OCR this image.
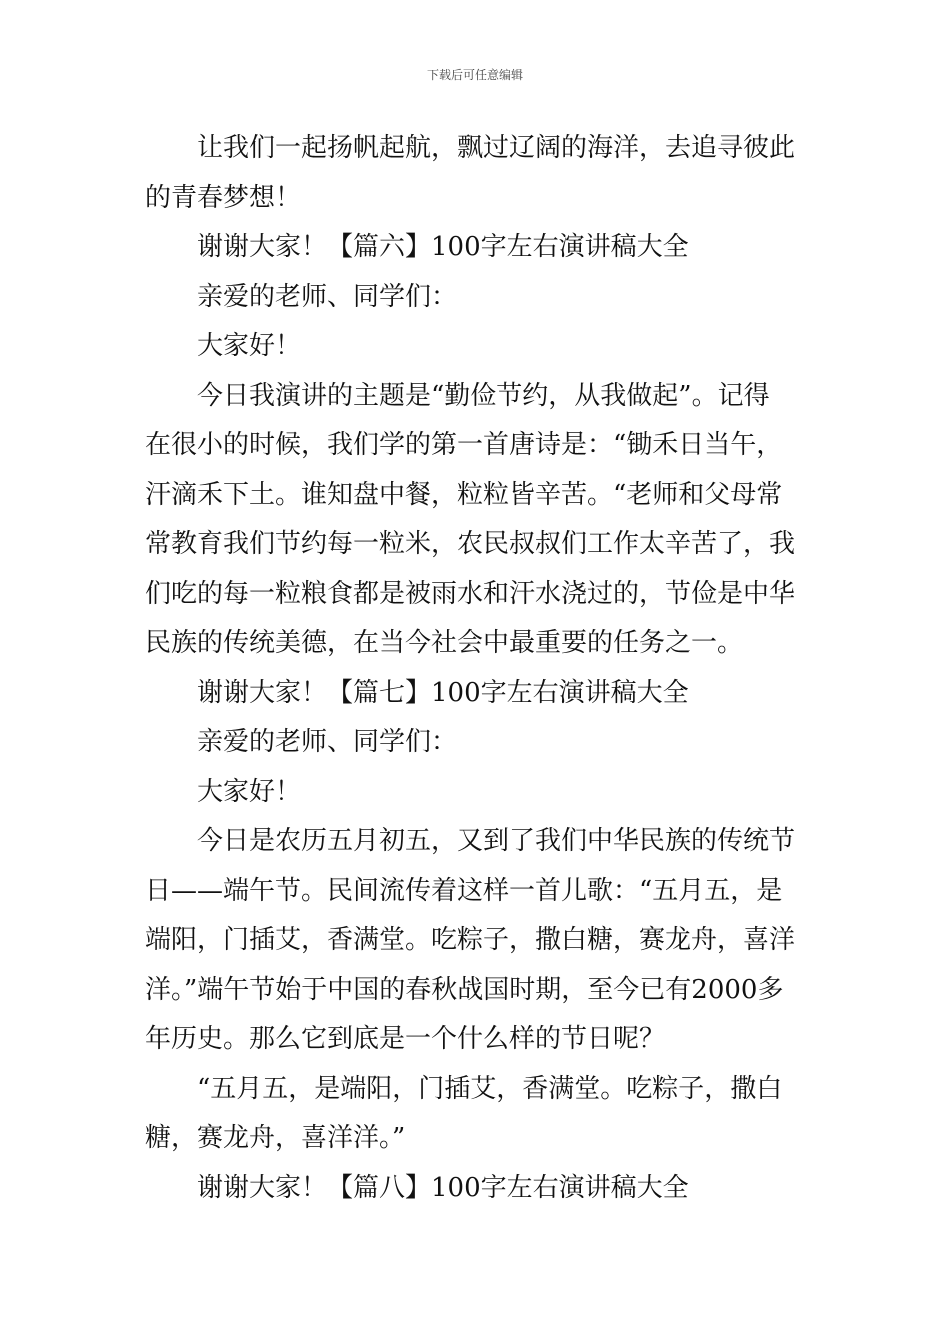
下载后可任意编辑
让我们一起扬帆起航，飘过辽阔的海洋，去追寻彼此
的青春梦想！
谢谢大家！【篇六】100字左右演讲稿大全
亲爱的老师、同学们：
大家好！
今日我演讲的主题是“勤俭节约，从我做起”。记得
在很小的时候，我们学的第一首唐诗是：“锄禾日当午，
汗滴禾下土。谁知盘中餐，粒粒皆辛苦。“老师和父母常
常教育我们节约每一粒米，农民叔叔们工作太辛苦了，我
们吃的每一粒粮食都是被雨水和汗水浇过的，节俭是中华
民族的传统美德，在当今社会中最重要的任务之一。
谢谢大家！【篇七】100字左右演讲稿大全
亲爱的老师、同学们：
大家好！
今日是农历五月初五，又到了我们中华民族的传统节
日——端午节。民间流传着这样一首儿歌：“五月五，是
端阳，门插艾，香满堂。吃粽子，撒白糖，赛龙舟，喜洋
洋。”端午节始于中国的春秋战国时期，至今已有2000多
年历史。那么它到底是一个什么样的节日呢？
“五月五，是端阳，门插艾，香满堂。吃粽子，撒白
糖，赛龙舟，喜洋洋。”
谢谢大家！【篇八】100字左右演讲稿大全
